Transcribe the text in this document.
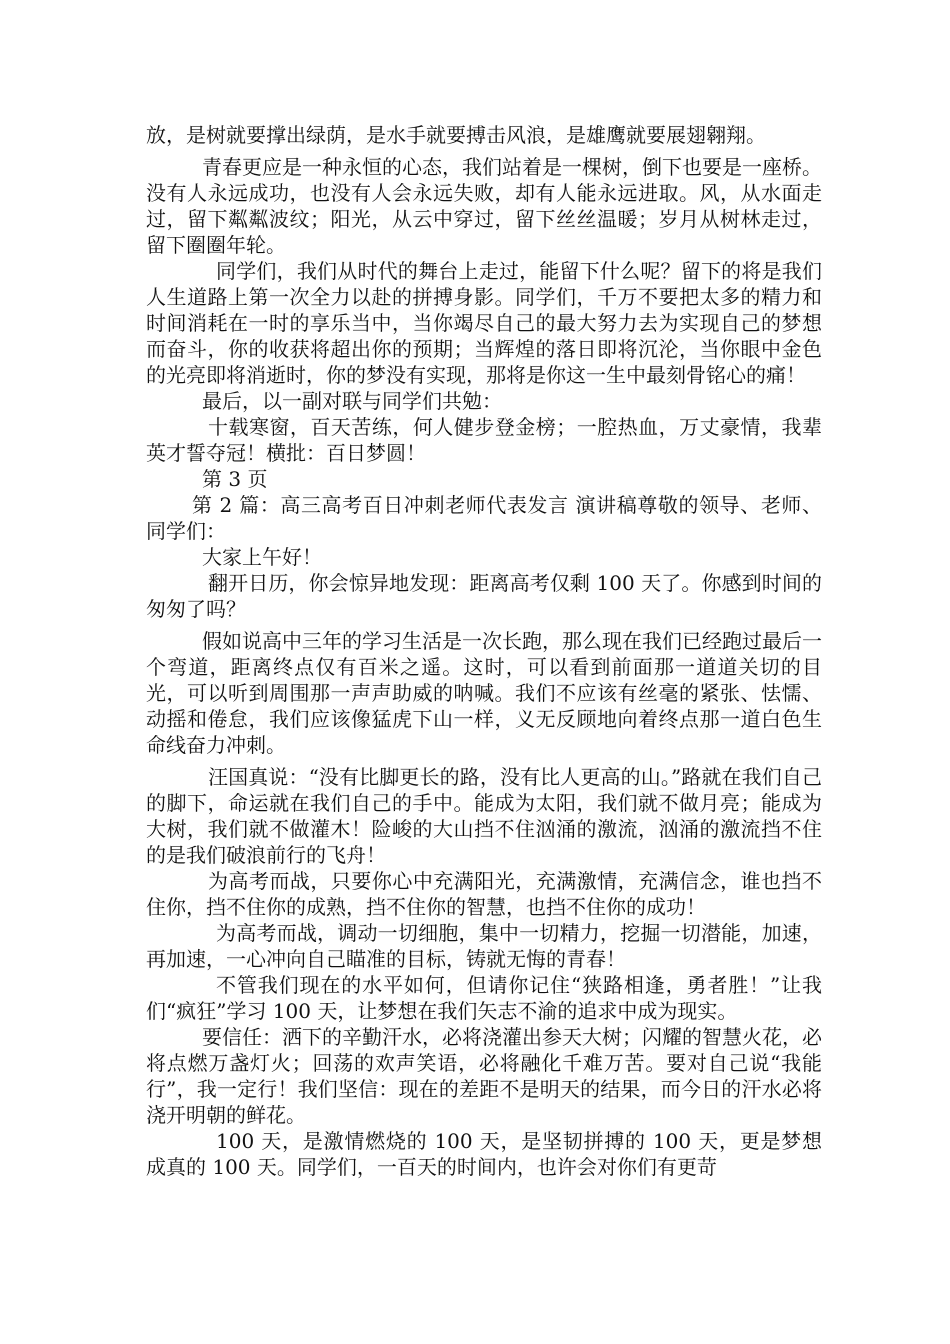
放，是树就要撑出绿荫，是水手就要搏击风浪，是雄鹰就要展翅翱翔。

青春更应是一种永恒的心态，我们站着是一棵树，倒下也要是一座桥。没有人永远成功，也没有人会永远失败，却有人能永远进取。风，从水面走过，留下粼粼波纹；阳光，从云中穿过，留下丝丝温暖；岁月从树林走过，留下圈圈年轮。

同学们，我们从时代的舞台上走过，能留下什么呢？留下的将是我们人生道路上第一次全力以赴的拼搏身影。同学们，千万不要把太多的精力和时间消耗在一时的享乐当中，当你竭尽自己的最大努力去为实现自己的梦想而奋斗，你的收获将超出你的预期；当辉煌的落日即将沉沦，当你眼中金色的光亮即将消逝时，你的梦没有实现，那将是你这一生中最刻骨铭心的痛！

最后，以一副对联与同学们共勉：

十载寒窗，百天苦练，何人健步登金榜；一腔热血，万丈豪情，我辈英才誓夺冠！横批：百日梦圆！

第 3 页

第 2 篇：高三高考百日冲刺老师代表发言 演讲稿尊敬的领导、老师、同学们：

大家上午好！

翻开日历，你会惊异地发现：距离高考仅剩 100 天了。你感到时间的匆匆了吗？

假如说高中三年的学习生活是一次长跑，那么现在我们已经跑过最后一个弯道，距离终点仅有百米之遥。这时，可以看到前面那一道道关切的目光，可以听到周围那一声声助威的呐喊。我们不应该有丝毫的紧张、怯懦、动摇和倦怠，我们应该像猛虎下山一样，义无反顾地向着终点那一道白色生命线奋力冲刺。

汪国真说：“没有比脚更长的路，没有比人更高的山。”路就在我们自己的脚下，命运就在我们自己的手中。能成为太阳，我们就不做月亮；能成为大树，我们就不做灌木！险峻的大山挡不住汹涌的激流，汹涌的激流挡不住的是我们破浪前行的飞舟！

为高考而战，只要你心中充满阳光，充满激情，充满信念，谁也挡不住你，挡不住你的成熟，挡不住你的智慧，也挡不住你的成功！

为高考而战，调动一切细胞，集中一切精力，挖掘一切潜能，加速，再加速，一心冲向自己瞄准的目标，铸就无悔的青春！

不管我们现在的水平如何，但请你记住“狭路相逢，勇者胜！”让我们“疯狂”学习 100 天，让梦想在我们矢志不渝的追求中成为现实。

要信任：洒下的辛勤汗水，必将浇灌出参天大树；闪耀的智慧火花，必将点燃万盏灯火；回荡的欢声笑语，必将融化千难万苦。要对自己说“我能行”，我一定行！我们坚信：现在的差距不是明天的结果，而今日的汗水必将浇开明朝的鲜花。

100 天，是激情燃烧的 100 天，是坚韧拼搏的 100 天，更是梦想成真的 100 天。同学们，一百天的时间内，也许会对你们有更苛
